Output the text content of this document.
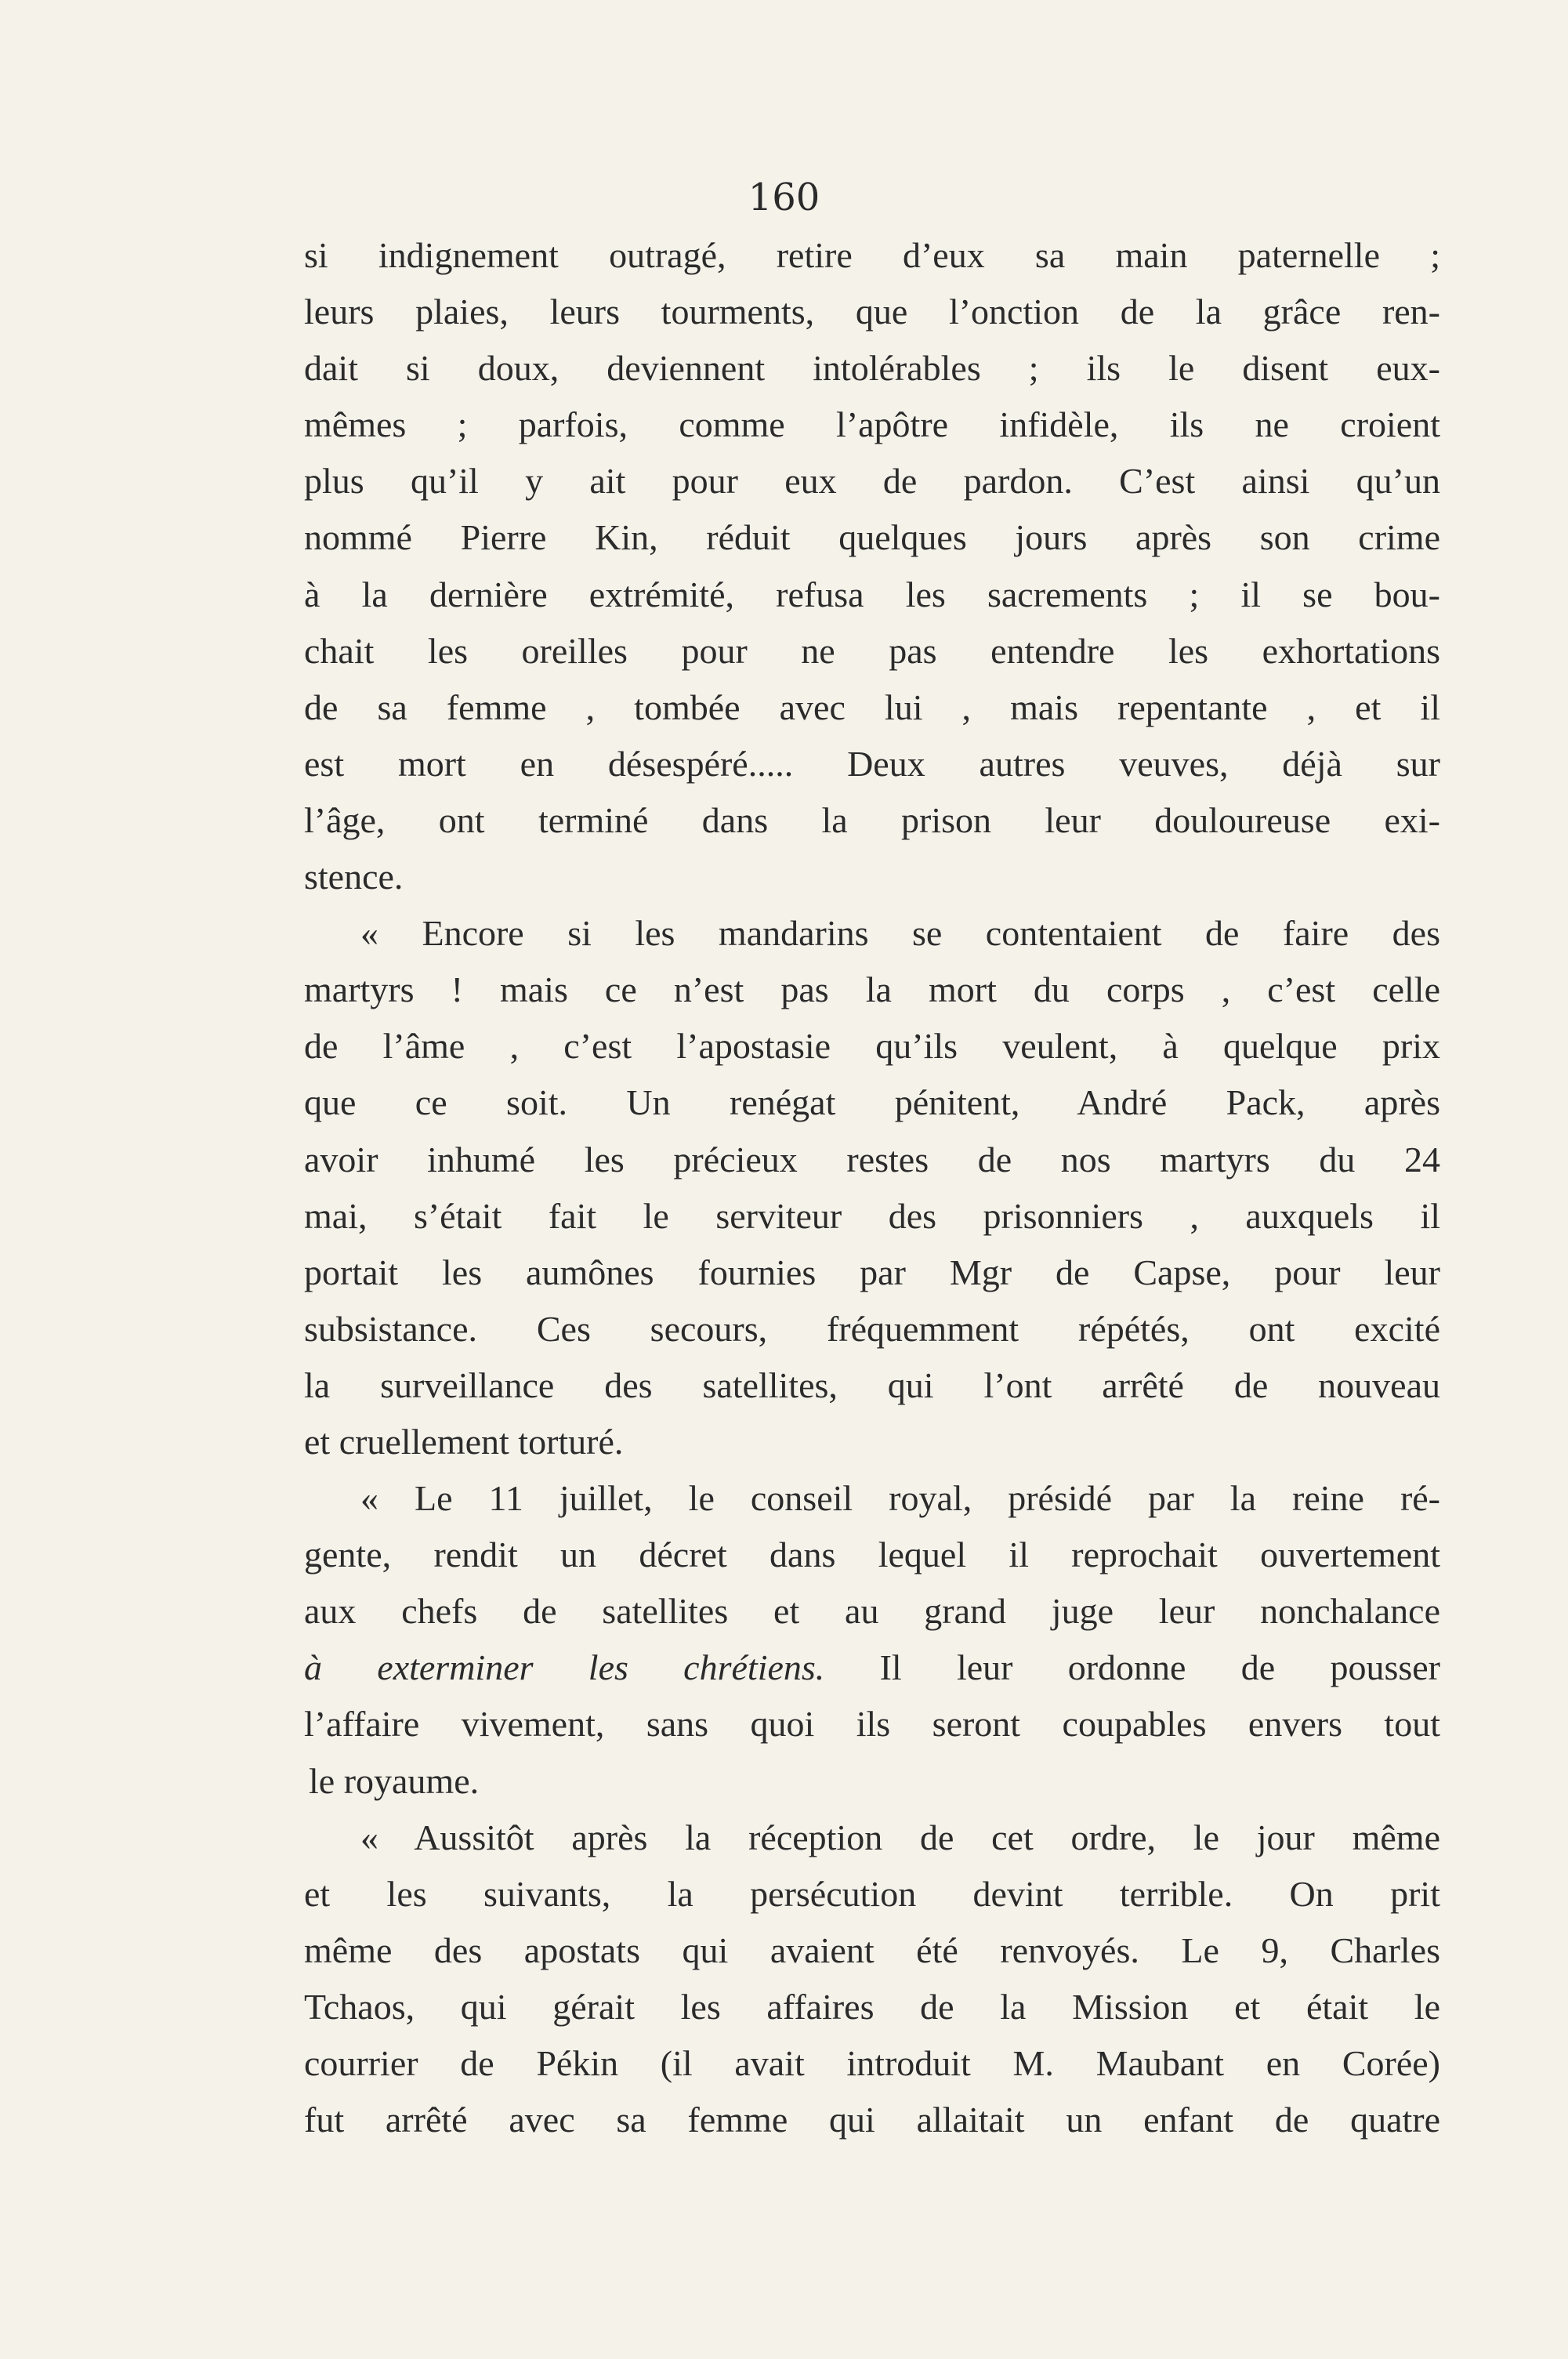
160
si indignement outragé, retire d’eux sa main paternelle ;
leurs plaies, leurs tourments, que l’onction de la grâce ren-
dait si doux, deviennent intolérables ; ils le disent eux-
mêmes ; parfois, comme l’apôtre infidèle, ils ne croient
plus qu’il y ait pour eux de pardon. C’est ainsi qu’un
nommé Pierre Kin, réduit quelques jours après son crime
à la dernière extrémité, refusa les sacrements ; il se bou-
chait les oreilles pour ne pas entendre les exhortations
de sa femme , tombée avec lui , mais repentante , et il
est mort en désespéré..... Deux autres veuves, déjà sur
l’âge, ont terminé dans la prison leur douloureuse exi-
stence.
« Encore si les mandarins se contentaient de faire des
martyrs ! mais ce n’est pas la mort du corps , c’est celle
de l’âme , c’est l’apostasie qu’ils veulent, à quelque prix
que ce soit. Un renégat pénitent, André Pack, après
avoir inhumé les précieux restes de nos martyrs du 24
mai, s’était fait le serviteur des prisonniers , auxquels il
portait les aumônes fournies par Mgr de Capse, pour leur
subsistance. Ces secours, fréquemment répétés, ont excité
la surveillance des satellites, qui l’ont arrêté de nouveau
et cruellement torturé.
« Le 11 juillet, le conseil royal, présidé par la reine ré-
gente, rendit un décret dans lequel il reprochait ouvertement
aux chefs de satellites et au grand juge leur nonchalance
à exterminer les chrétiens. Il leur ordonne de pousser
l’affaire vivement, sans quoi ils seront coupables envers tout
le royaume.
« Aussitôt après la réception de cet ordre, le jour même
et les suivants, la persécution devint terrible. On prit
même des apostats qui avaient été renvoyés. Le 9, Charles
Tchaos, qui gérait les affaires de la Mission et était le
courrier de Pékin (il avait introduit M. Maubant en Corée)
fut arrêté avec sa femme qui allaitait un enfant de quatre
